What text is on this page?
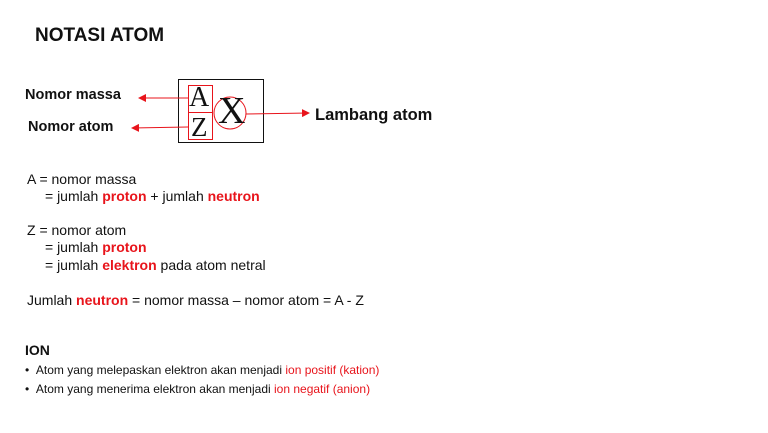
NOTASI ATOM
A
Z X
Nomor massa
Nomor atom
Lambang atom
A = nomor massa
= jumlah proton + jumlah neutron
Z = nomor atom
= jumlah proton
= jumlah elektron pada atom netral
Jumlah neutron = nomor massa – nomor atom = A - Z
ION
•  Atom yang melepaskan elektron akan menjadi ion positif (kation)
•  Atom yang menerima elektron akan menjadi ion negatif (anion)
